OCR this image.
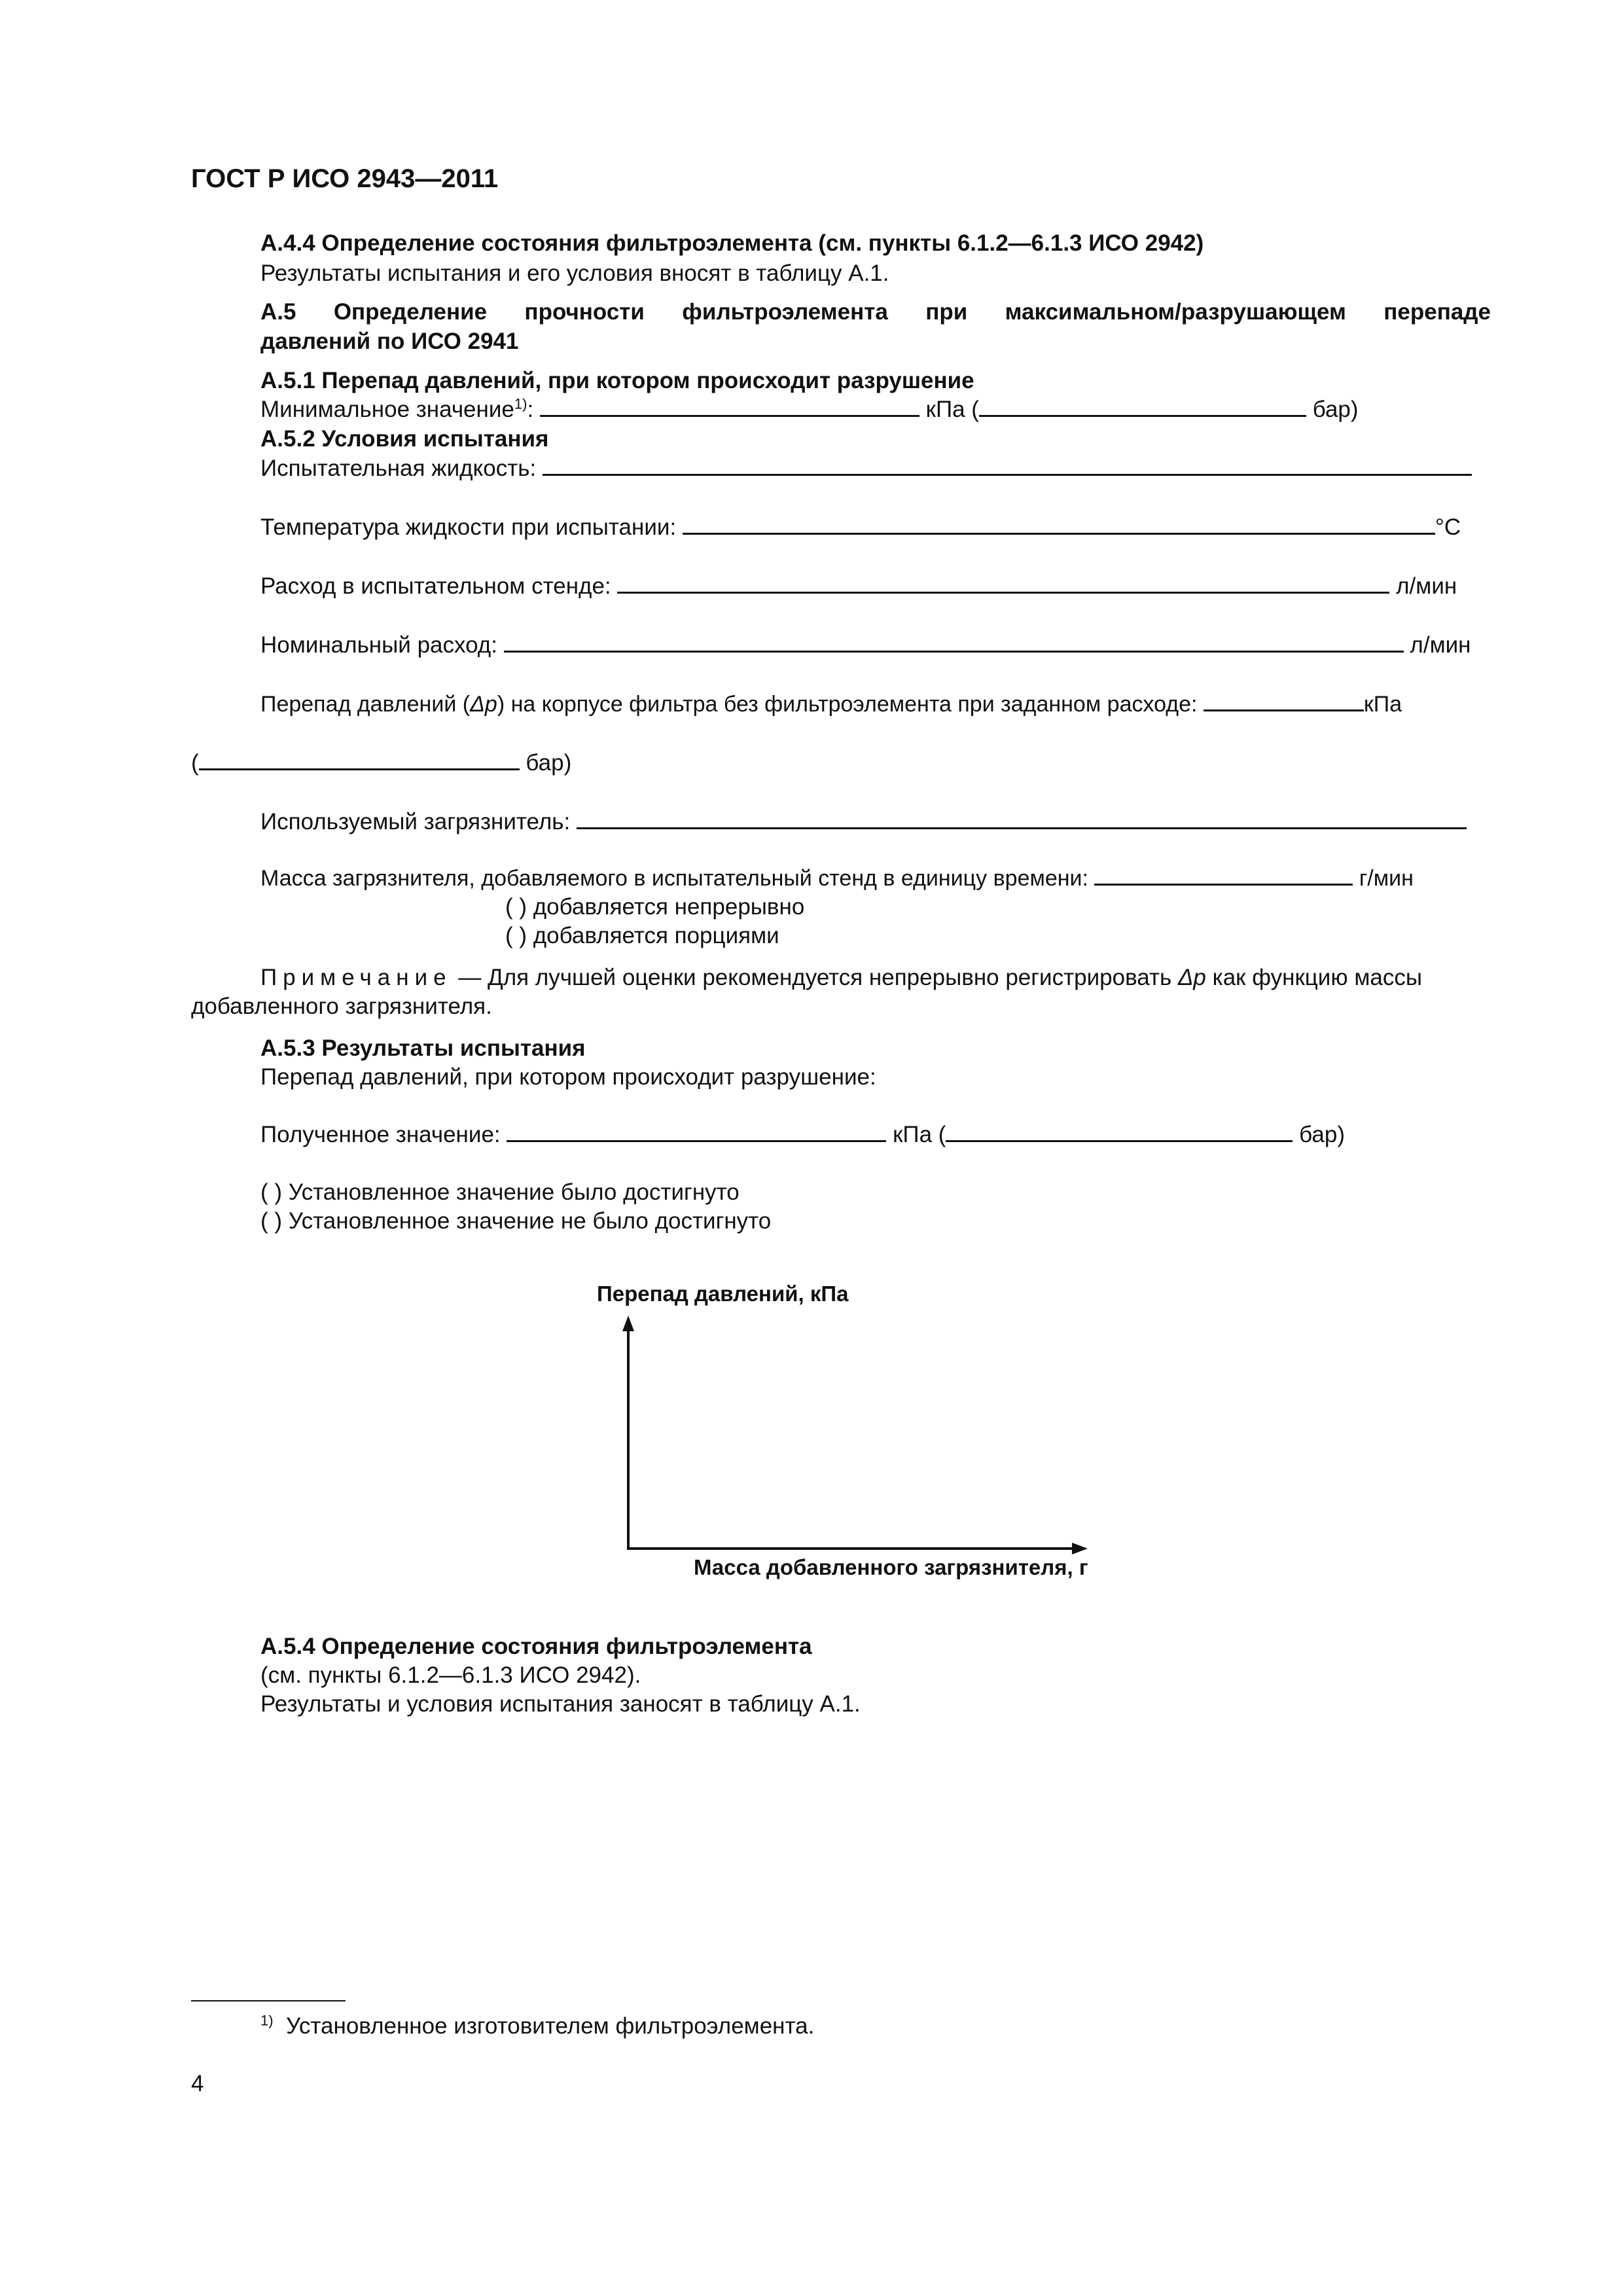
ГОСТ Р ИСО 2943—2011
А.4.4 Определение состояния фильтроэлемента (см. пункты 6.1.2—6.1.3 ИСО 2942)
Результаты испытания и его условия вносят в таблицу А.1.
А.5 Определение прочности фильтроэлемента при максимальном/разрушающем перепаде
давлений по ИСО 2941
А.5.1 Перепад давлений, при котором происходит разрушение
Минимальное значение$^{1)}$:	кПа (	бар)
А.5.2 Условия испытания
Испытательная жидкость:
Температура жидкости при испытании:	°С
Расход в испытательном стенде:	л/мин
Номинальный расход:	л/мин
Перепад давлений (Δp) на корпусе фильтра без фильтроэлемента при заданном расходе:	кПа
(	бар)
Используемый загрязнитель:
Масса загрязнителя, добавляемого в испытательный стенд в единицу времени:	г/мин
( ) добавляется непрерывно
( ) добавляется порциями
Примечание — Для лучшей оценки рекомендуется непрерывно регистрировать Δp как функцию массы
добавленного загрязнителя.
А.5.3 Результаты испытания
Перепад давлений, при котором происходит разрушение:
Полученное значение:	кПа (	бар)
( ) Установленное значение было достигнуто
( ) Установленное значение не было достигнуто
Перепад давлений, кПа
Масса добавленного загрязнителя, г
А.5.4 Определение состояния фильтроэлемента
(см. пункты 6.1.2—6.1.3 ИСО 2942).
Результаты и условия испытания заносят в таблицу А.1.
$^{1)}$ Установленное изготовителем фильтроэлемента.
4
